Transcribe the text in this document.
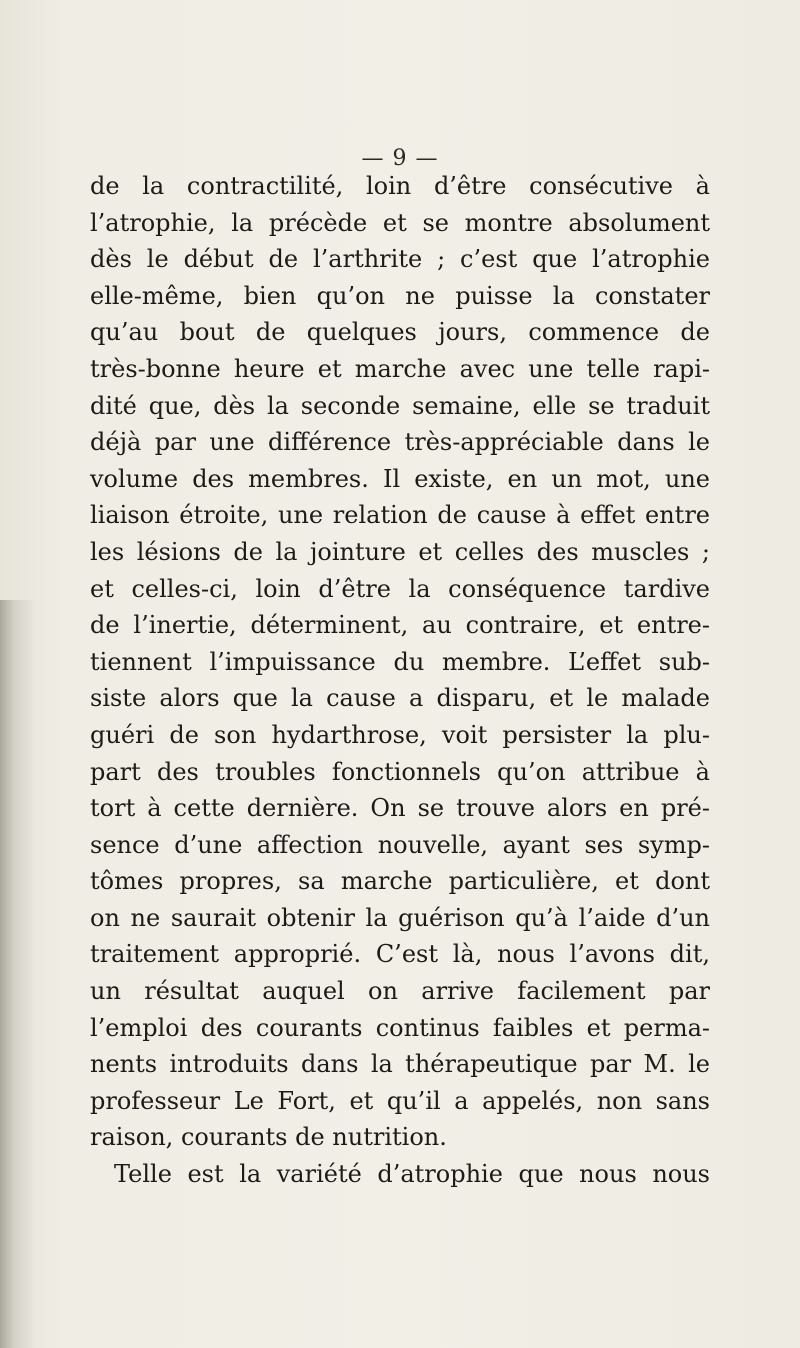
— 9 —
de la contractilité, loin d’être consécutive à
l’atrophie, la précède et se montre absolument
dès le début de l’arthrite ; c’est que l’atrophie
elle-même, bien qu’on ne puisse la constater
qu’au bout de quelques jours, commence de
très-bonne heure et marche avec une telle rapi-
dité que, dès la seconde semaine, elle se traduit
déjà par une différence très-appréciable dans le
volume des membres. Il existe, en un mot, une
liaison étroite, une relation de cause à effet entre
les lésions de la jointure et celles des muscles ;
et celles-ci, loin d’être la conséquence tardive
de l’inertie, déterminent, au contraire, et entre-
tiennent l’impuissance du membre. L’effet sub-
siste alors que la cause a disparu, et le malade
guéri de son hydarthrose, voit persister la plu-
part des troubles fonctionnels qu’on attribue à
tort à cette dernière. On se trouve alors en pré-
sence d’une affection nouvelle, ayant ses symp-
tômes propres, sa marche particulière, et dont
on ne saurait obtenir la guérison qu’à l’aide d’un
traitement approprié. C’est là, nous l’avons dit,
un résultat auquel on arrive facilement par
l’emploi des courants continus faibles et perma-
nents introduits dans la thérapeutique par M. le
professeur Le Fort, et qu’il a appelés, non sans
raison, courants de nutrition.
Telle est la variété d’atrophie que nous nous
